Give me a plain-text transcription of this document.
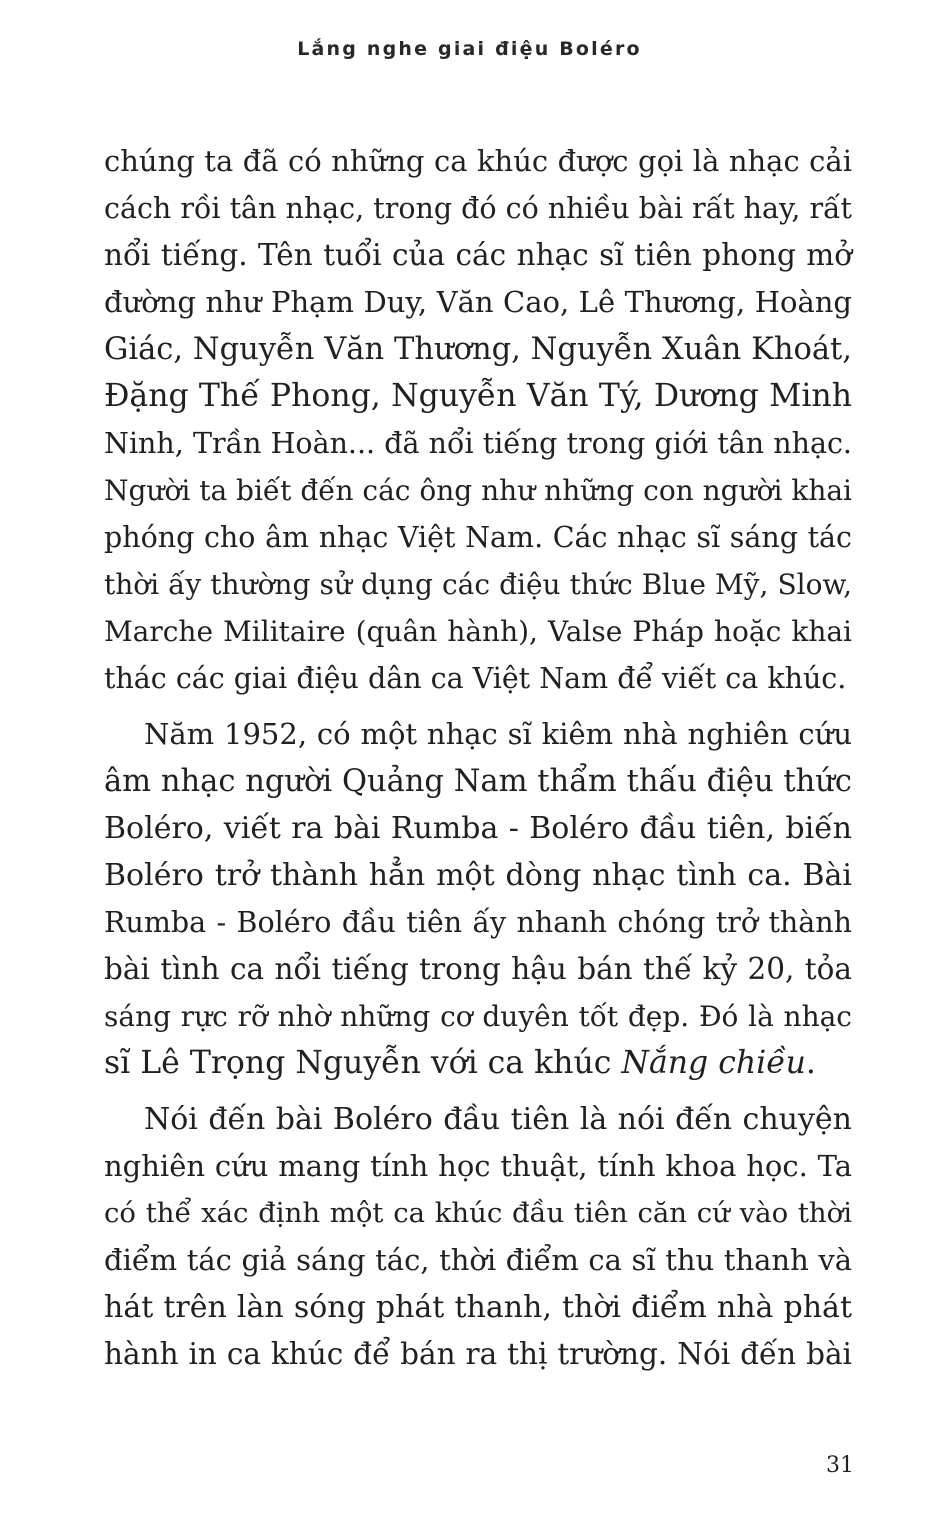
Lắng nghe giai điệu Boléro
chúng ta đã có những ca khúc được gọi là nhạc cải
cách rồi tân nhạc, trong đó có nhiều bài rất hay, rất
nổi tiếng. Tên tuổi của các nhạc sĩ tiên phong mở
đường như Phạm Duy, Văn Cao, Lê Thương, Hoàng
Giác, Nguyễn Văn Thương, Nguyễn Xuân Khoát,
Đặng Thế Phong, Nguyễn Văn Tý, Dương Minh
Ninh, Trần Hoàn... đã nổi tiếng trong giới tân nhạc.
Người ta biết đến các ông như những con người khai
phóng cho âm nhạc Việt Nam. Các nhạc sĩ sáng tác
thời ấy thường sử dụng các điệu thức Blue Mỹ, Slow,
Marche Militaire (quân hành), Valse Pháp hoặc khai
thác các giai điệu dân ca Việt Nam để viết ca khúc.
Năm 1952, có một nhạc sĩ kiêm nhà nghiên cứu
âm nhạc người Quảng Nam thẩm thấu điệu thức
Boléro, viết ra bài Rumba - Boléro đầu tiên, biến
Boléro trở thành hẳn một dòng nhạc tình ca. Bài
Rumba - Boléro đầu tiên ấy nhanh chóng trở thành
bài tình ca nổi tiếng trong hậu bán thế kỷ 20, tỏa
sáng rực rỡ nhờ những cơ duyên tốt đẹp. Đó là nhạc
sĩ Lê Trọng Nguyễn với ca khúc Nắng chiều.
Nói đến bài Boléro đầu tiên là nói đến chuyện
nghiên cứu mang tính học thuật, tính khoa học. Ta
có thể xác định một ca khúc đầu tiên căn cứ vào thời
điểm tác giả sáng tác, thời điểm ca sĩ thu thanh và
hát trên làn sóng phát thanh, thời điểm nhà phát
hành in ca khúc để bán ra thị trường. Nói đến bài
31
